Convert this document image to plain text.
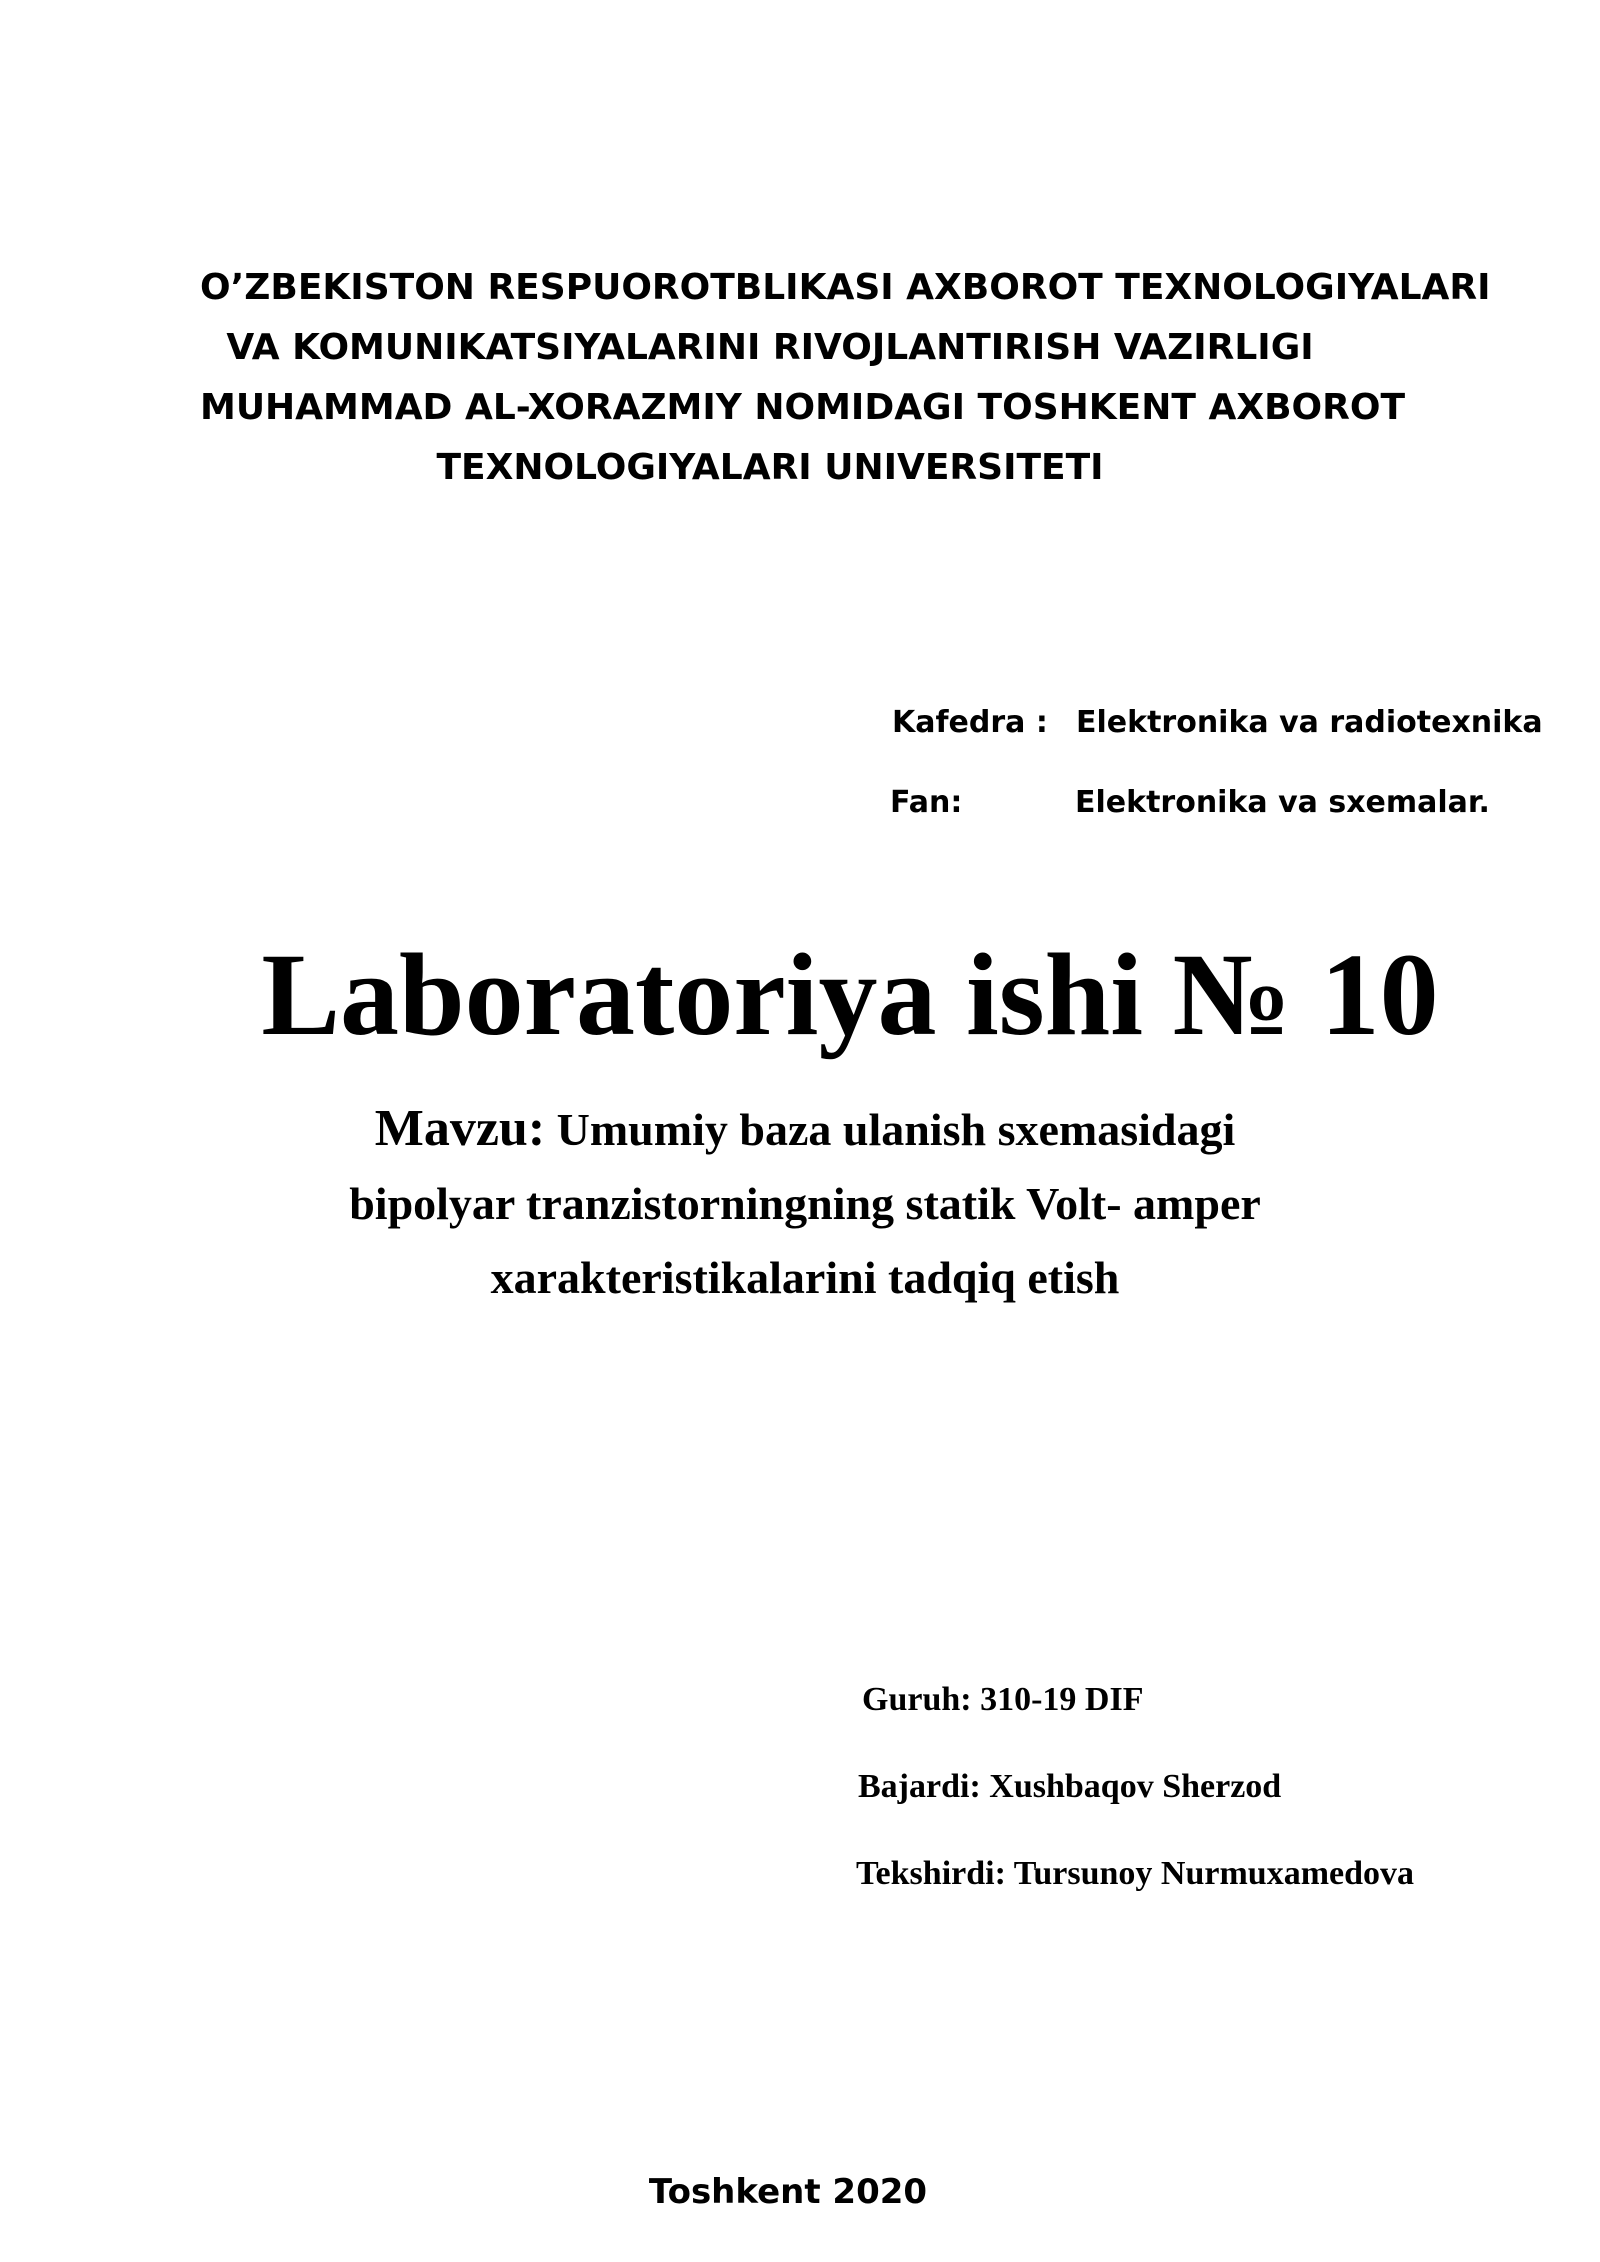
O’ZBEKISTON RESPUOROTBLIKASI AXBOROT TEXNOLOGIYALARI
VA KOMUNIKATSIYALARINI RIVOJLANTIRISH VAZIRLIGI
MUHAMMAD AL-XORAZMIY NOMIDAGI TOSHKENT AXBOROT
TEXNOLOGIYALARI UNIVERSITETI
Kafedra : Elektronika va radiotexnika
Fan:	Elektronika va sxemalar.
Laboratoriya ishi № 10
Mavzu: Umumiy baza ulanish sxemasidagi
bipolyar tranzistorningning statik Volt- amper
xarakteristikalarini tadqiq etish
Guruh: 310-19 DIF
Bajardi: Xushbaqov Sherzod
Tekshirdi: Tursunoy Nurmuxamedova
Toshkent 2020
